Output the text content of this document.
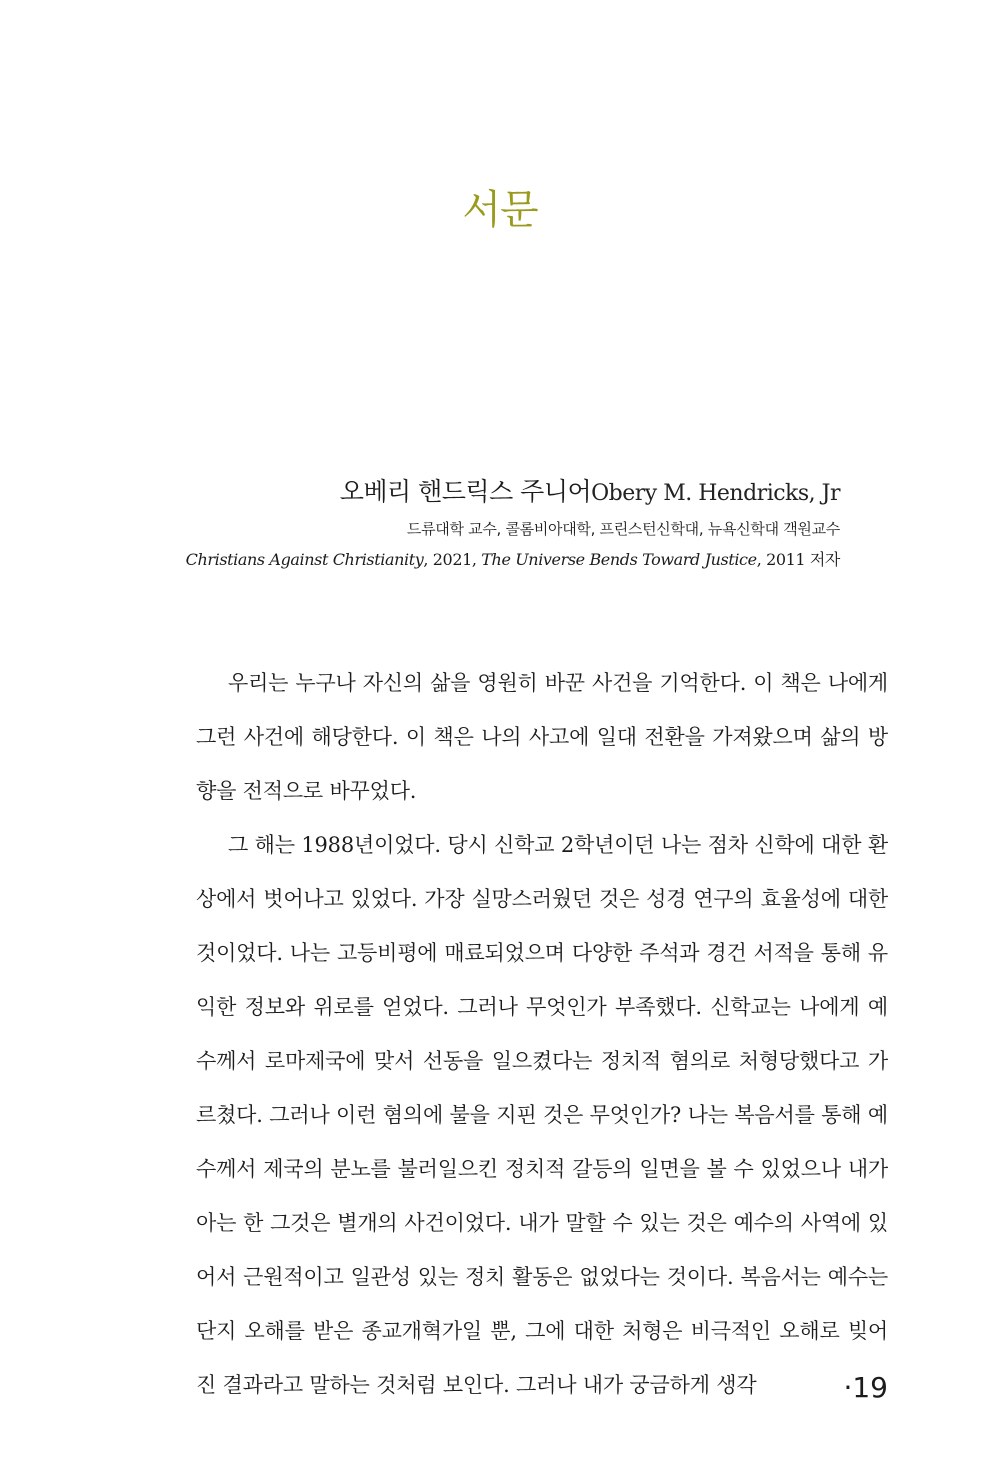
서문
오베리 핸드릭스 주니어Obery M. Hendricks, Jr
드류대학 교수, 콜롬비아대학, 프린스턴신학대, 뉴욕신학대 객원교수
Christians Against Christianity, 2021, The Universe Bends Toward Justice, 2011 저자

우리는 누구나 자신의 삶을 영원히 바꾼 사건을 기억한다. 이 책은 나에게 그런 사건에 해당한다. 이 책은 나의 사고에 일대 전환을 가져왔으며 삶의 방향을 전적으로 바꾸었다.

그 해는 1988년이었다. 당시 신학교 2학년이던 나는 점차 신학에 대한 환상에서 벗어나고 있었다. 가장 실망스러웠던 것은 성경 연구의 효율성에 대한 것이었다. 나는 고등비평에 매료되었으며 다양한 주석과 경건 서적을 통해 유익한 정보와 위로를 얻었다. 그러나 무엇인가 부족했다. 신학교는 나에게 예수께서 로마제국에 맞서 선동을 일으켰다는 정치적 혐의로 처형당했다고 가르쳤다. 그러나 이런 혐의에 불을 지핀 것은 무엇인가? 나는 복음서를 통해 예수께서 제국의 분노를 불러일으킨 정치적 갈등의 일면을 볼 수 있었으나 내가 아는 한 그것은 별개의 사건이었다. 내가 말할 수 있는 것은 예수의 사역에 있어서 근원적이고 일관성 있는 정치 활동은 없었다는 것이다. 복음서는 예수는 단지 오해를 받은 종교개혁가일 뿐, 그에 대한 처형은 비극적인 오해로 빚어진 결과라고 말하는 것처럼 보인다. 그러나 내가 궁금하게 생각	·19
